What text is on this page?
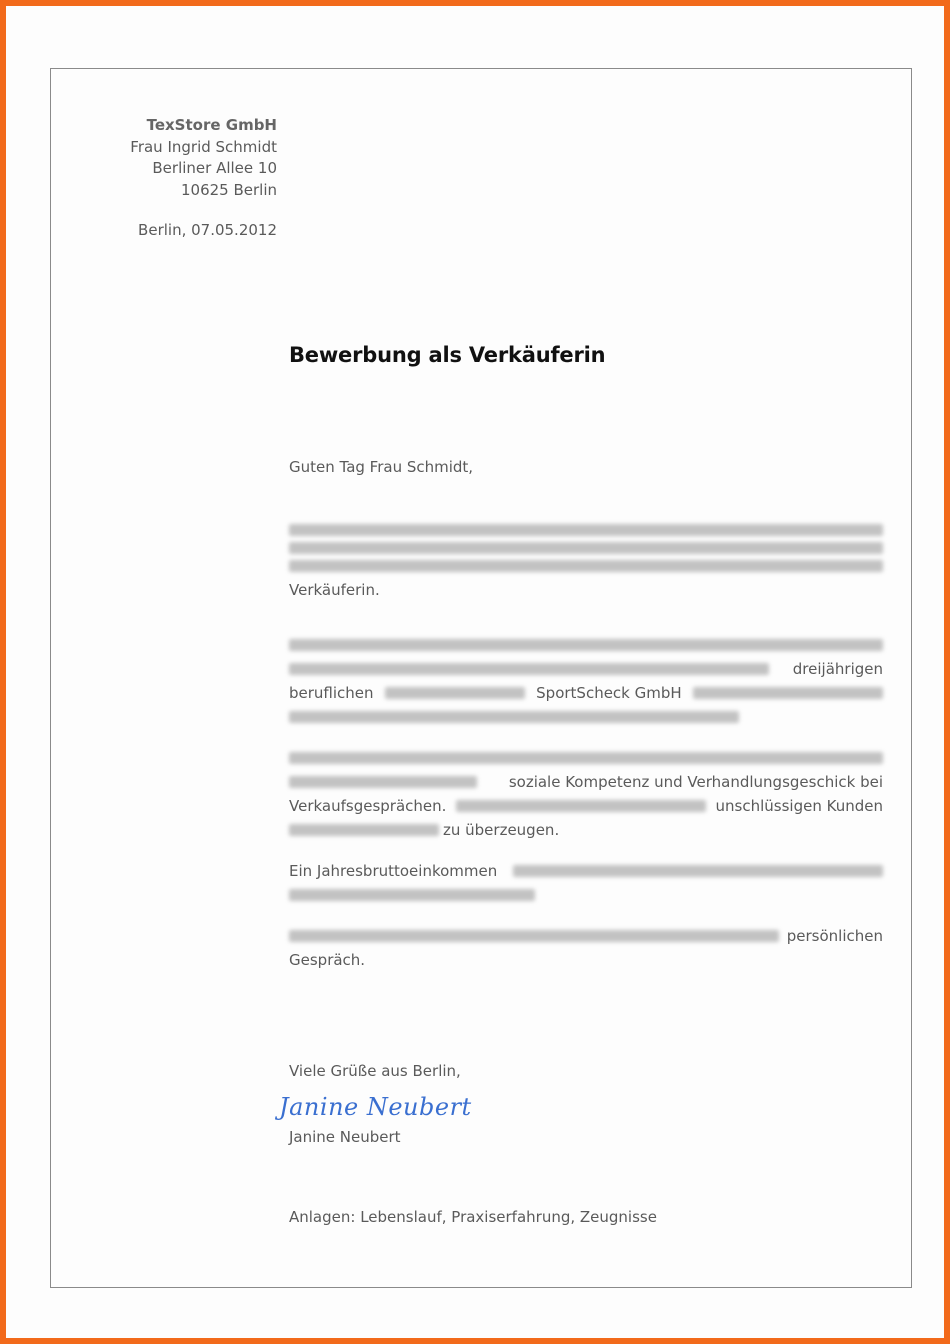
TexStore GmbH
Frau Ingrid Schmidt
Berliner Allee 10
10625 Berlin
Berlin, 07.05.2012
Bewerbung als Verkäuferin
Guten Tag Frau Schmidt,
Verkäuferin.
dreijährigen
beruflichen	SportScheck GmbH
soziale Kompetenz und Verhandlungsgeschick bei
Verkaufsgesprächen.	unschlüssigen Kunden
zu überzeugen.
Ein Jahresbruttoeinkommen
persönlichen
Gespräch.
Viele Grüße aus Berlin,
Janine Neubert
Janine Neubert
Anlagen: Lebenslauf, Praxiserfahrung, Zeugnisse
